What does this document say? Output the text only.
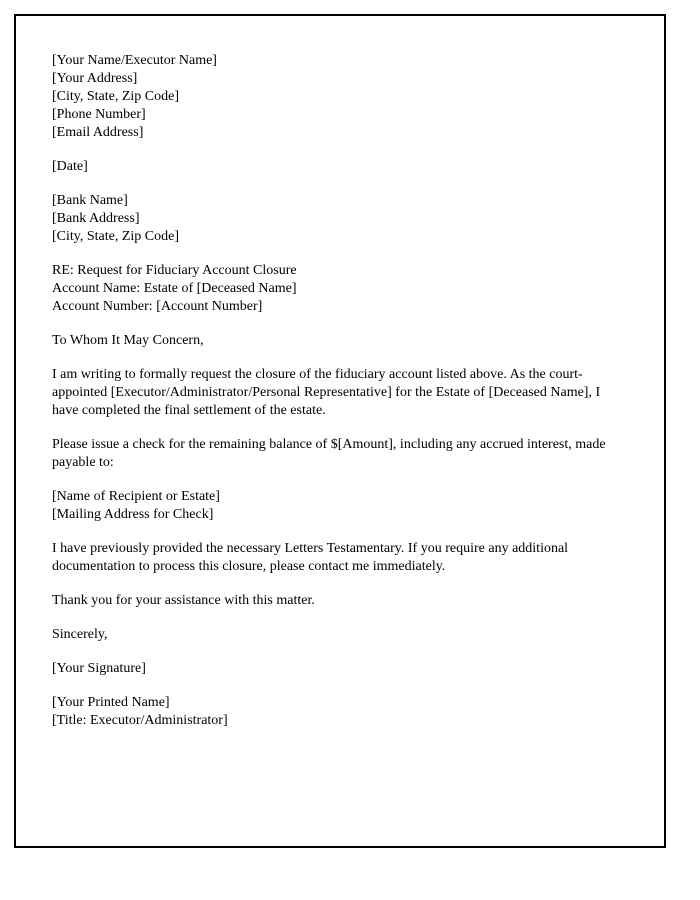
[Your Name/Executor Name]
[Your Address]
[City, State, Zip Code]
[Phone Number]
[Email Address]
[Date]
[Bank Name]
[Bank Address]
[City, State, Zip Code]
RE: Request for Fiduciary Account Closure
Account Name: Estate of [Deceased Name]
Account Number: [Account Number]
To Whom It May Concern,
I am writing to formally request the closure of the fiduciary account listed above. As the court-appointed [Executor/Administrator/Personal Representative] for the Estate of [Deceased Name], I have completed the final settlement of the estate.
Please issue a check for the remaining balance of $[Amount], including any accrued interest, made payable to:
[Name of Recipient or Estate]
[Mailing Address for Check]
I have previously provided the necessary Letters Testamentary. If you require any additional documentation to process this closure, please contact me immediately.
Thank you for your assistance with this matter.
Sincerely,
[Your Signature]
[Your Printed Name]
[Title: Executor/Administrator]
